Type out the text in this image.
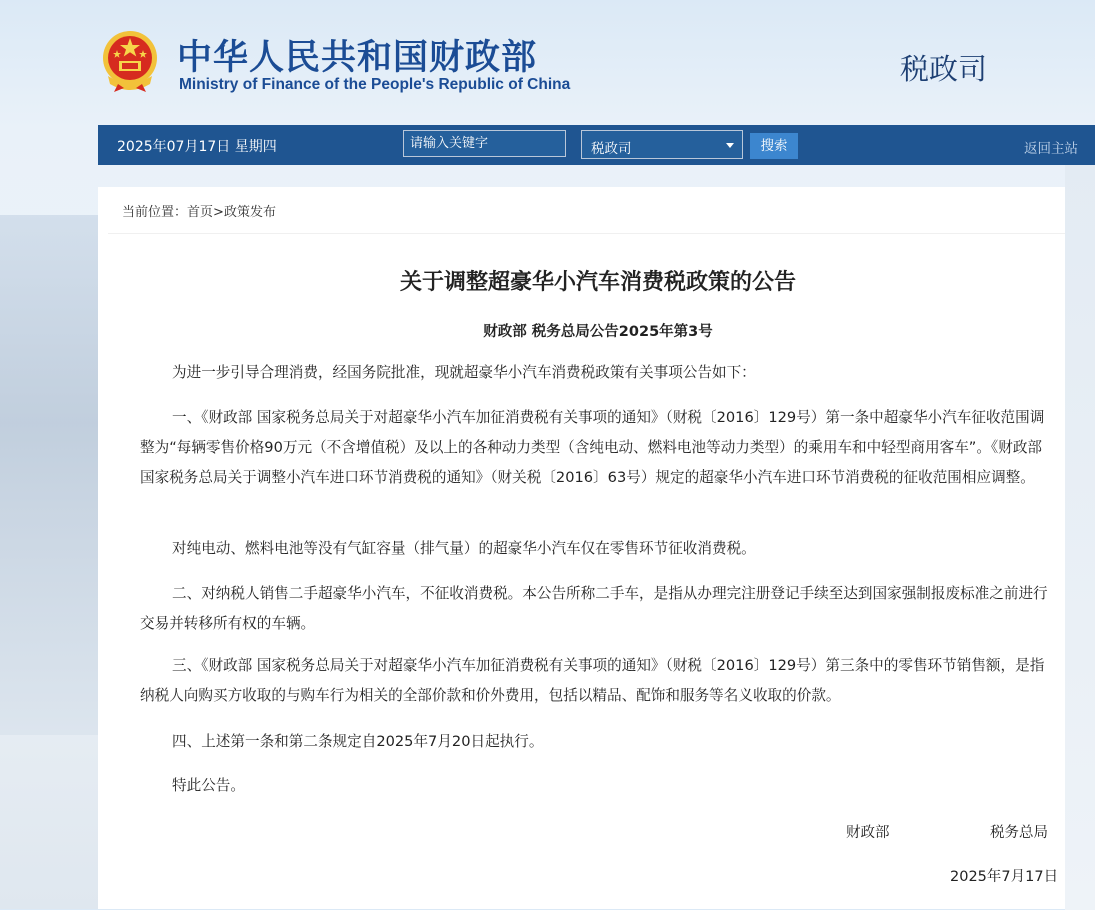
中华人民共和国财政部
Ministry of Finance of the People's Republic of China	税政司
2025年07月17日 星期四
请输入关键字	税政司	搜索	返回主站
当前位置：首页>政策发布
关于调整超豪华小汽车消费税政策的公告
财政部 税务总局公告2025年第3号

为进一步引导合理消费，经国务院批准，现就超豪华小汽车消费税政策有关事项公告如下：

一、《财政部 国家税务总局关于对超豪华小汽车加征消费税有关事项的通知》（财税〔2016〕129号）第一条中超豪华小汽车征收范围调整为“每辆零售价格90万元（不含增值税）及以上的各种动力类型（含纯电动、燃料电池等动力类型）的乘用车和中轻型商用客车”。《财政部 国家税务总局关于调整小汽车进口环节消费税的通知》（财关税〔2016〕63号）规定的超豪华小汽车进口环节消费税的征收范围相应调整。

对纯电动、燃料电池等没有气缸容量（排气量）的超豪华小汽车仅在零售环节征收消费税。

二、对纳税人销售二手超豪华小汽车，不征收消费税。本公告所称二手车，是指从办理完注册登记手续至达到国家强制报废标准之前进行交易并转移所有权的车辆。

三、《财政部 国家税务总局关于对超豪华小汽车加征消费税有关事项的通知》（财税〔2016〕129号）第三条中的零售环节销售额，是指纳税人向购买方收取的与购车行为相关的全部价款和价外费用，包括以精品、配饰和服务等名义收取的价款。

四、上述第一条和第二条规定自2025年7月20日起执行。

特此公告。

财政部	税务总局
2025年7月17日
